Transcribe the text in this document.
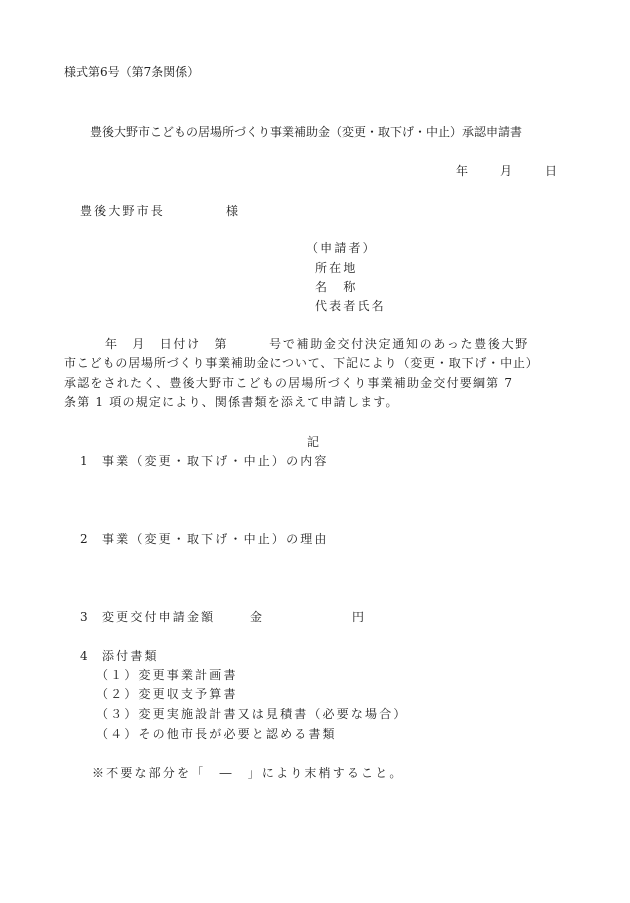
様式第6号（第7条関係）
豊後大野市こどもの居場所づくり事業補助金（変更・取下げ・中止）承認申請書
年	月	日
豊後大野市長	様
（申請者）
所在地
名　称
代表者氏名
年　月　日付け　第　　　号で補助金交付決定通知のあった豊後大野
市こどもの居場所づくり事業補助金について、下記により（変更・取下げ・中止）
承認をされたく、豊後大野市こどもの居場所づくり事業補助金交付要綱第 7
条第 1 項の規定により、関係書類を添えて申請します。
記
1 事業（変更・取下げ・中止）の内容
2 事業（変更・取下げ・中止）の理由
3 変更交付申請金額	金	円
4 添付書類
（１）変更事業計画書
（２）変更収支予算書
（３）変更実施設計書又は見積書（必要な場合）
（４）その他市長が必要と認める書類
※不要な部分を「　―　」により末梢すること。
